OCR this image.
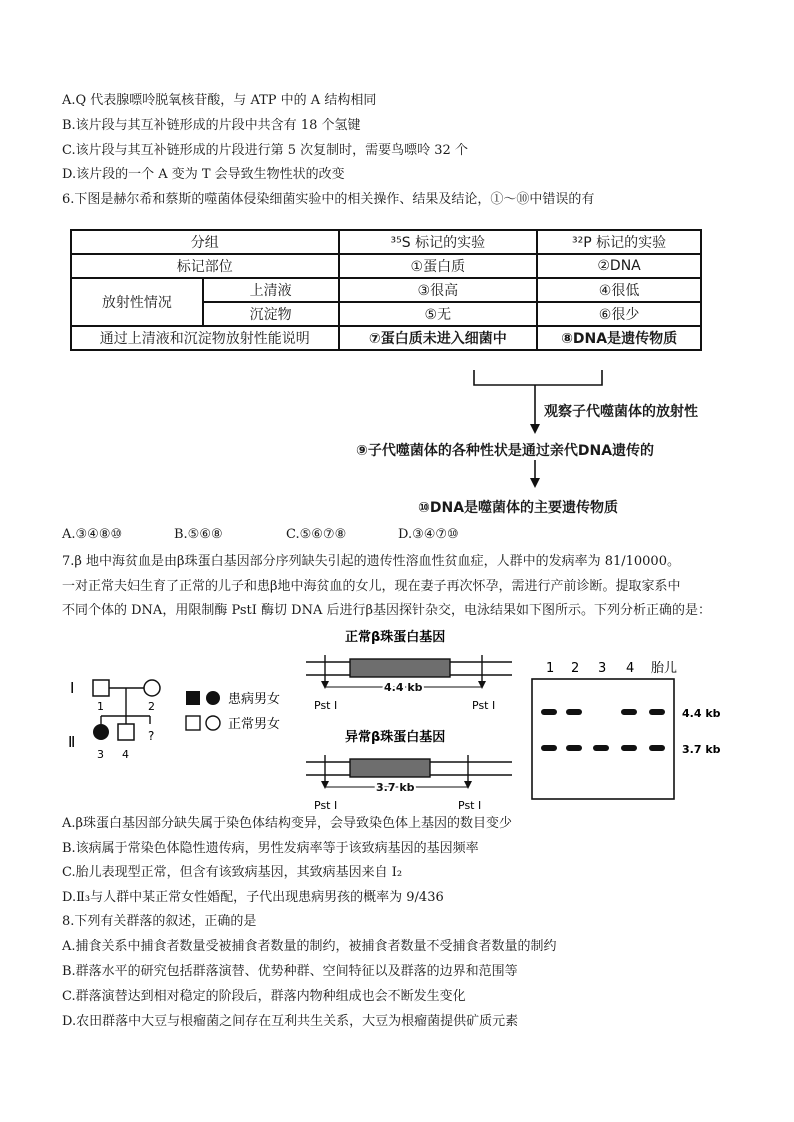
A.Q 代表腺嘌呤脱氧核苷酸，与 ATP 中的 A 结构相同
B.该片段与其互补链形成的片段中共含有 18 个氢键
C.该片段与其互补链形成的片段进行第 5 次复制时，需要鸟嘌呤 32 个
D.该片段的一个 A 变为 T 会导致生物性状的改变
6.下图是赫尔希和蔡斯的噬菌体侵染细菌实验中的相关操作、结果及结论，①～⑩中错误的有
分组		³⁵S 标记的实验	³²P 标记的实验
标记部位		①蛋白质	②DNA
放射性情况	上清液	③很高	④很低
	沉淀物	⑤无	⑥很少
通过上清液和沉淀物放射性能说明		⑦蛋白质未进入细菌中	⑧DNA是遗传物质
观察子代噬菌体的放射性
⑨子代噬菌体的各种性状是通过亲代DNA遗传的
⑩DNA是噬菌体的主要遗传物质
A.③④⑧⑩	B.⑤⑥⑧	C.⑤⑥⑦⑧	D.③④⑦⑩
7.β 地中海贫血是由β珠蛋白基因部分序列缺失引起的遗传性溶血性贫血症，人群中的发病率为 81/10000。
一对正常夫妇生育了正常的儿子和患β地中海贫血的女儿，现在妻子再次怀孕，需进行产前诊断。提取家系中
不同个体的 DNA，用限制酶 PstI 酶切 DNA 后进行β基因探针杂交，电泳结果如下图所示。下列分析正确的是：
I
Ⅱ
1	2
?
3 4
患病男女
正常男女
正常β珠蛋白基因
4.4 kb
Pst I	Pst I
异常β珠蛋白基因
3.7 kb
Pst I	Pst I
4.4 kb
3.7 kb
1 2 3 4 胎儿
A.β珠蛋白基因部分缺失属于染色体结构变异，会导致染色体上基因的数目变少
B.该病属于常染色体隐性遗传病，男性发病率等于该致病基因的基因频率
C.胎儿表现型正常，但含有该致病基因，其致病基因来自 I₂
D.Ⅱ₃与人群中某正常女性婚配，子代出现患病男孩的概率为 9/436
8.下列有关群落的叙述，正确的是
A.捕食关系中捕食者数量受被捕食者数量的制约，被捕食者数量不受捕食者数量的制约
B.群落水平的研究包括群落演替、优势种群、空间特征以及群落的边界和范围等
C.群落演替达到相对稳定的阶段后，群落内物种组成也会不断发生变化
D.农田群落中大豆与根瘤菌之间存在互利共生关系，大豆为根瘤菌提供矿质元素
